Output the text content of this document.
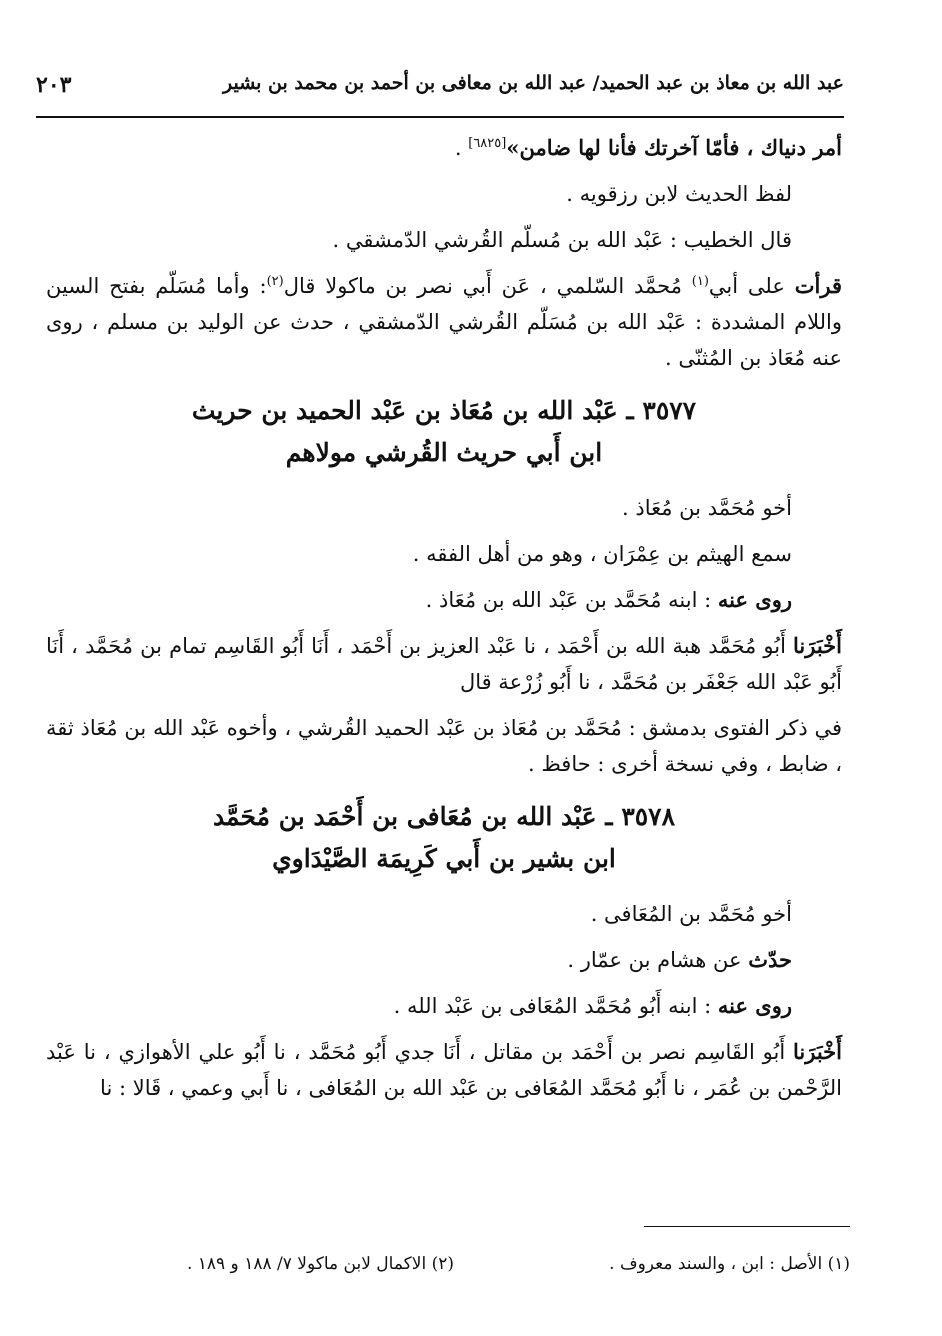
عبد الله بن معاذ بن عبد الحميد/ عبد الله بن معافى بن أحمد بن محمد بن بشير
٢٠٣

أمر دنياك ، فأمّا آخرتك فأنا لها ضامن»[٦٨٢٥] .

لفظ الحديث لابن رزقويه .

قال الخطيب : عَبْد الله بن مُسلّم القُرشي الدّمشقي .

قرأت على أبي$^{(١)}$ مُحمَّد السّلمي ، عَن أَبي نصر بن ماكولا قال$^{(٢)}$: وأما مُسَلّم بفتح السين واللام المشددة : عَبْد الله بن مُسَلّم القُرشي الدّمشقي ، حدث عن الوليد بن مسلم ، روى عنه مُعَاذ بن المُثنّى .

٣٥٧٧ ـ عَبْد الله بن مُعَاذ بن عَبْد الحميد بن حريث
ابن أَبي حريث القُرشي مولاهم

أخو مُحَمَّد بن مُعَاذ .

سمع الهيثم بن عِمْرَان ، وهو من أهل الفقه .

روى عنه : ابنه مُحَمَّد بن عَبْد الله بن مُعَاذ .

أَخْبَرَنا أَبُو مُحَمَّد هبة الله بن أَحْمَد ، نا عَبْد العزيز بن أَحْمَد ، أَنَا أَبُو القَاسِم تمام بن مُحَمَّد ، أَنَا أَبُو عَبْد الله جَعْفَر بن مُحَمَّد ، نا أَبُو زُرْعة قال

في ذكر الفتوى بدمشق : مُحَمَّد بن مُعَاذ بن عَبْد الحميد القُرشي ، وأخوه عَبْد الله بن مُعَاذ ثقة ، ضابط ، وفي نسخة أخرى : حافظ .

٣٥٧٨ ـ عَبْد الله بن مُعَافى بن أَحْمَد بن مُحَمَّد
ابن بشير بن أَبي كَرِيمَة الصَّيْدَاوي

أخو مُحَمَّد بن المُعَافى .

حدّث عن هشام بن عمّار .

روى عنه : ابنه أَبُو مُحَمَّد المُعَافى بن عَبْد الله .

أَخْبَرَنا أَبُو القَاسِم نصر بن أَحْمَد بن مقاتل ، أَنَا جدي أَبُو مُحَمَّد ، نا أَبُو علي الأهوازي ، نا عَبْد الرَّحْمن بن عُمَر ، نا أَبُو مُحَمَّد المُعَافى بن عَبْد الله بن المُعَافى ، نا أَبي وعمي ، قَالا : نا

(١) الأصل : ابن ، والسند معروف .
(٢) الاكمال لابن ماكولا ٧/ ١٨٨ و ١٨٩ .
